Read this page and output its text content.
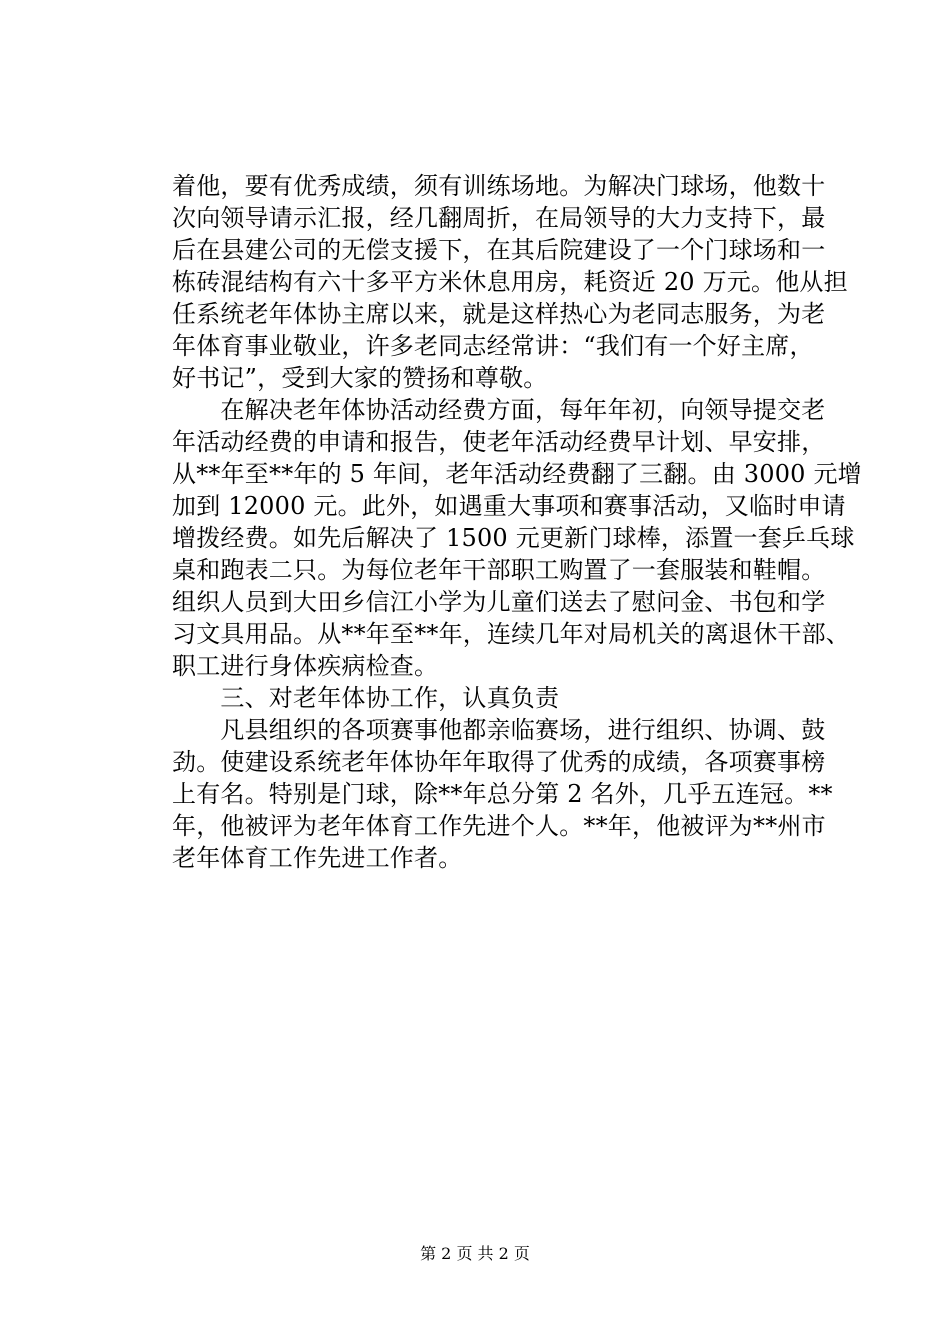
着他，要有优秀成绩，须有训练场地。为解决门球场，他数十
次向领导请示汇报，经几翻周折，在局领导的大力支持下，最
后在县建公司的无偿支援下，在其后院建设了一个门球场和一
栋砖混结构有六十多平方米休息用房，耗资近 20 万元。他从担
任系统老年体协主席以来，就是这样热心为老同志服务，为老
年体育事业敬业，许多老同志经常讲：“我们有一个好主席，
好书记”，受到大家的赞扬和尊敬。
　　在解决老年体协活动经费方面，每年年初，向领导提交老
年活动经费的申请和报告，使老年活动经费早计划、早安排，
从**年至**年的 5 年间，老年活动经费翻了三翻。由 3000 元增
加到 12000 元。此外，如遇重大事项和赛事活动，又临时申请
增拨经费。如先后解决了 1500 元更新门球棒，添置一套乒乓球
桌和跑表二只。为每位老年干部职工购置了一套服装和鞋帽。
组织人员到大田乡信江小学为儿童们送去了慰问金、书包和学
习文具用品。从**年至**年，连续几年对局机关的离退休干部、
职工进行身体疾病检查。
　　三、对老年体协工作，认真负责
　　凡县组织的各项赛事他都亲临赛场，进行组织、协调、鼓
劲。使建设系统老年体协年年取得了优秀的成绩，各项赛事榜
上有名。特别是门球，除**年总分第 2 名外，几乎五连冠。**
年，他被评为老年体育工作先进个人。**年，他被评为**州市
老年体育工作先进工作者。
第 2 页 共 2 页
